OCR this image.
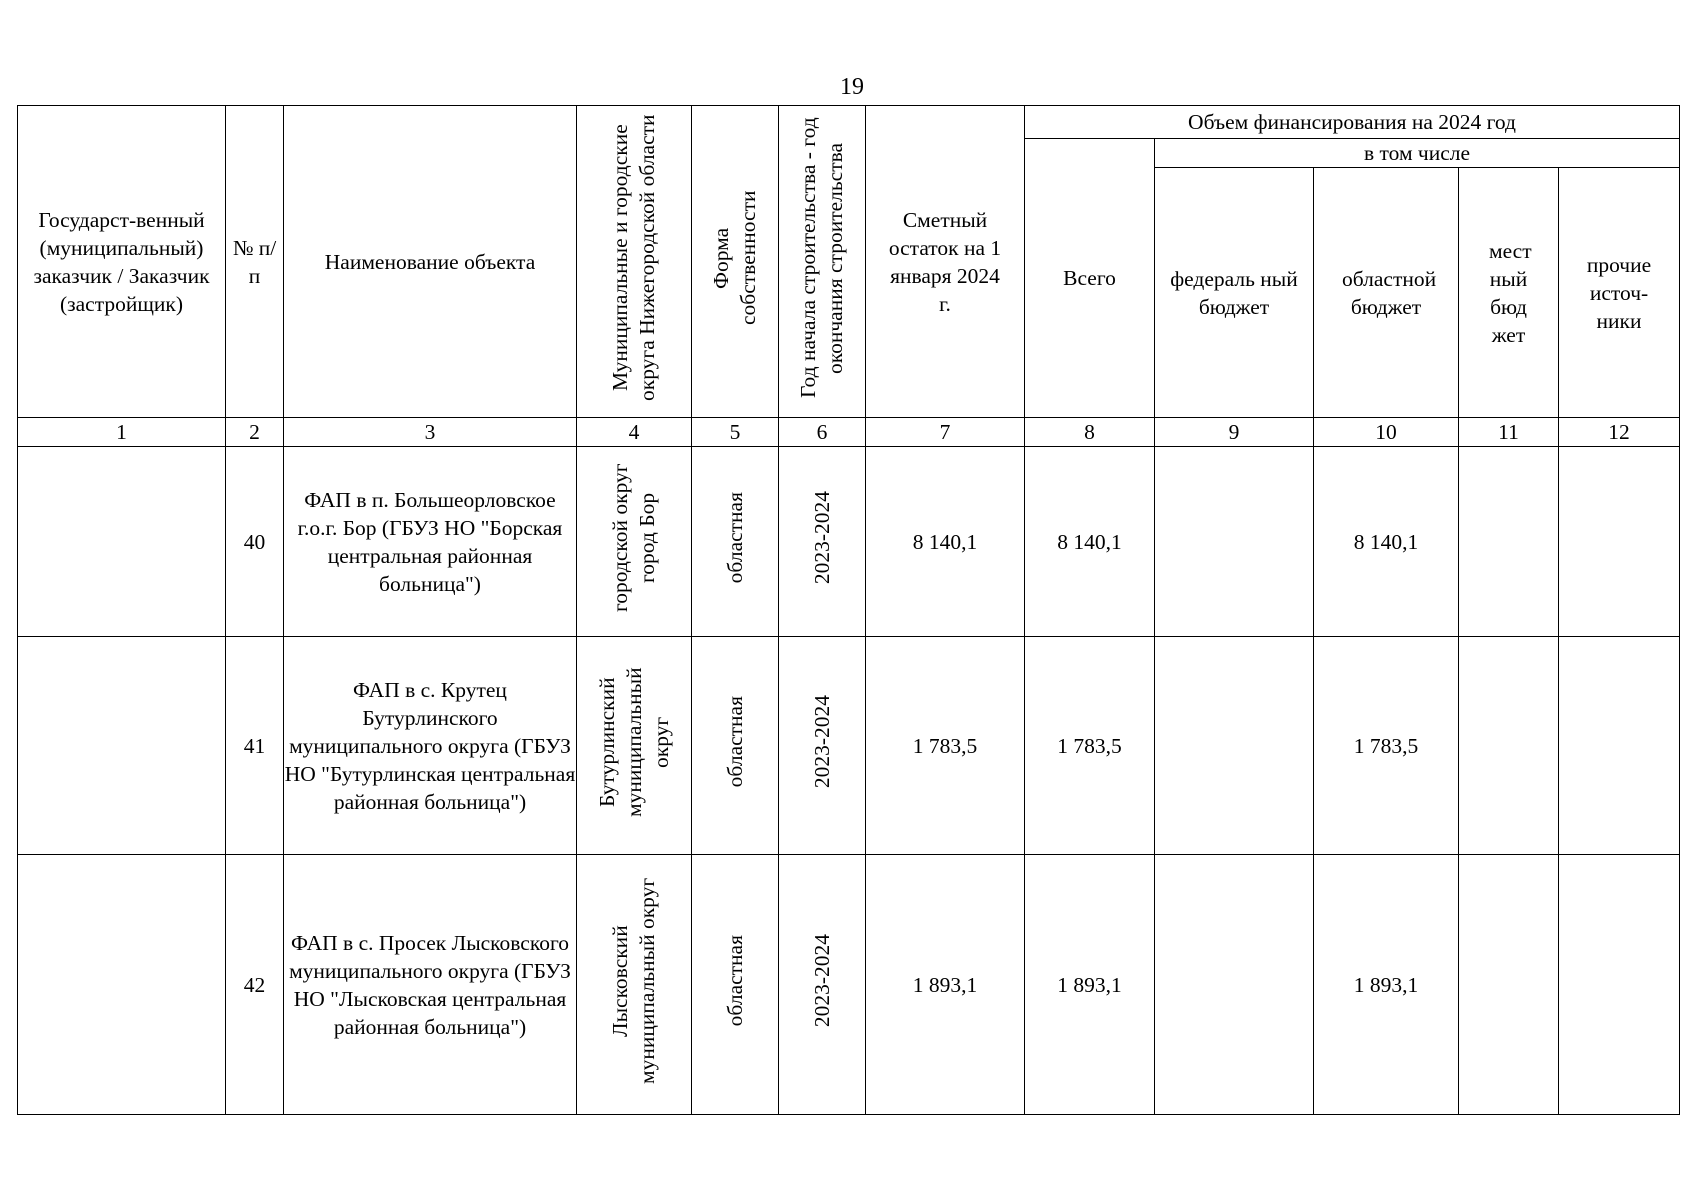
19
Государст-венный (муниципальный) заказчик / Заказчик (застройщик)	№ п/п	Наименование объекта	Муниципальные и городские округа Нижегородской области	Форма собственности	Год начала строительства - год окончания строительства	Сметный остаток на 1 января 2024 г.	Объем финансирования на 2024 год				
							Всего	в том числе			
								федераль ный бюджет	областной бюджет	мест ный бюд жет	прочие источ-ники
1	2	3	4	5	6	7	8	9	10	11	12
	40	ФАП в п. Большеорловское г.о.г. Бор (ГБУЗ НО "Борская центральная районная больница")	городской округ город Бор	областная	2023-2024	8 140,1	8 140,1		8 140,1		
	41	ФАП в с. Крутец Бутурлинского муниципального округа (ГБУЗ НО "Бутурлинская центральная районная больница")	Бутурлинский муниципальный округ	областная	2023-2024	1 783,5	1 783,5		1 783,5		
	42	ФАП в с. Просек Лысковского муниципального округа (ГБУЗ НО "Лысковская центральная районная больница")	Лысковский муниципальный округ	областная	2023-2024	1 893,1	1 893,1		1 893,1		
